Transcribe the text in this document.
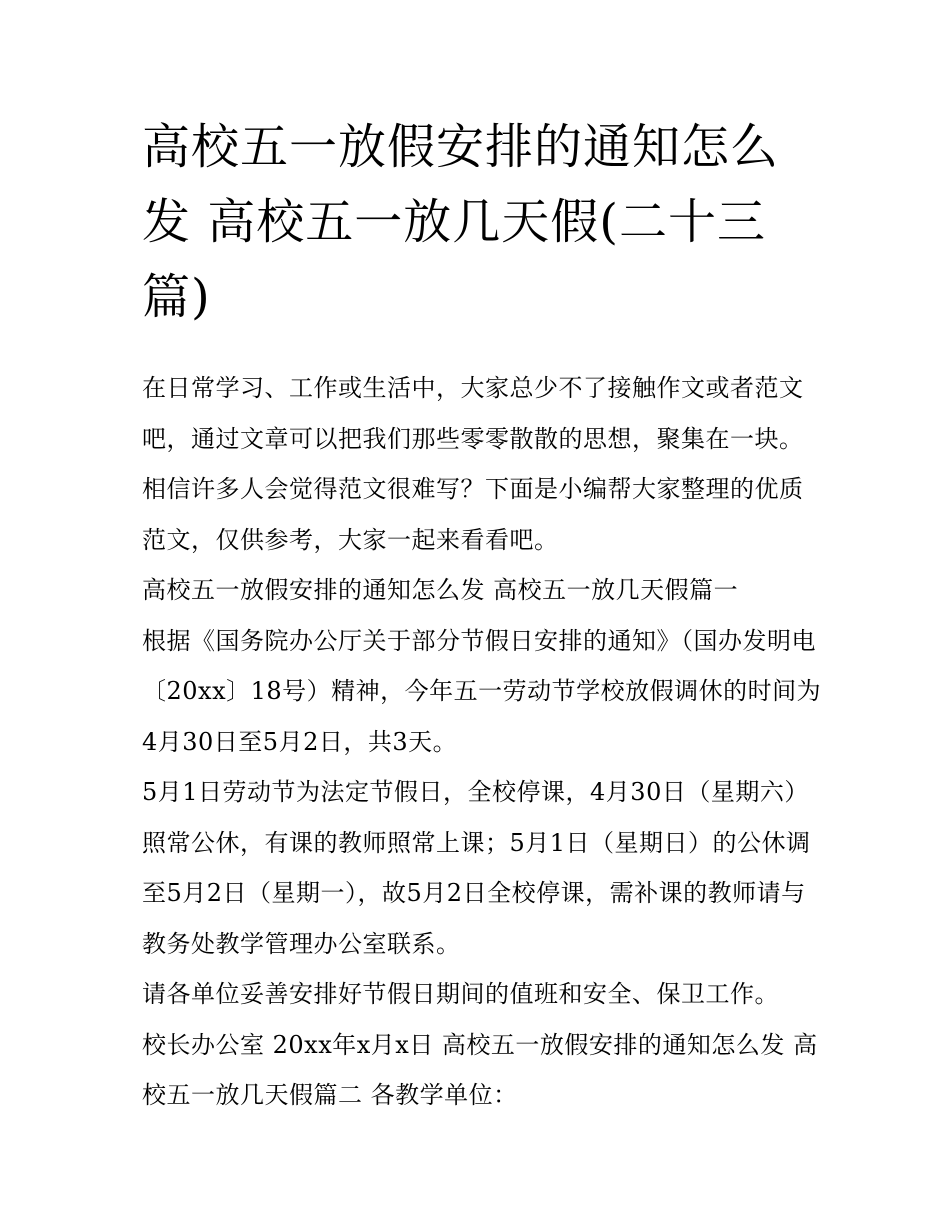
高校五一放假安排的通知怎么发 高校五一放几天假(二十三篇)

在日常学习、工作或生活中，大家总少不了接触作文或者范文吧，通过文章可以把我们那些零零散散的思想，聚集在一块。相信许多人会觉得范文很难写？下面是小编帮大家整理的优质范文，仅供参考，大家一起来看看吧。

高校五一放假安排的通知怎么发 高校五一放几天假篇一

根据《国务院办公厅关于部分节假日安排的通知》（国办发明电〔20xx〕18号）精神，今年五一劳动节学校放假调休的时间为4月30日至5月2日，共3天。

5月1日劳动节为法定节假日，全校停课，4月30日（星期六）照常公休，有课的教师照常上课；5月1日（星期日）的公休调至5月2日（星期一），故5月2日全校停课，需补课的教师请与教务处教学管理办公室联系。

请各单位妥善安排好节假日期间的值班和安全、保卫工作。

校长办公室 20xx年x月x日 高校五一放假安排的通知怎么发 高校五一放几天假篇二 各教学单位：
